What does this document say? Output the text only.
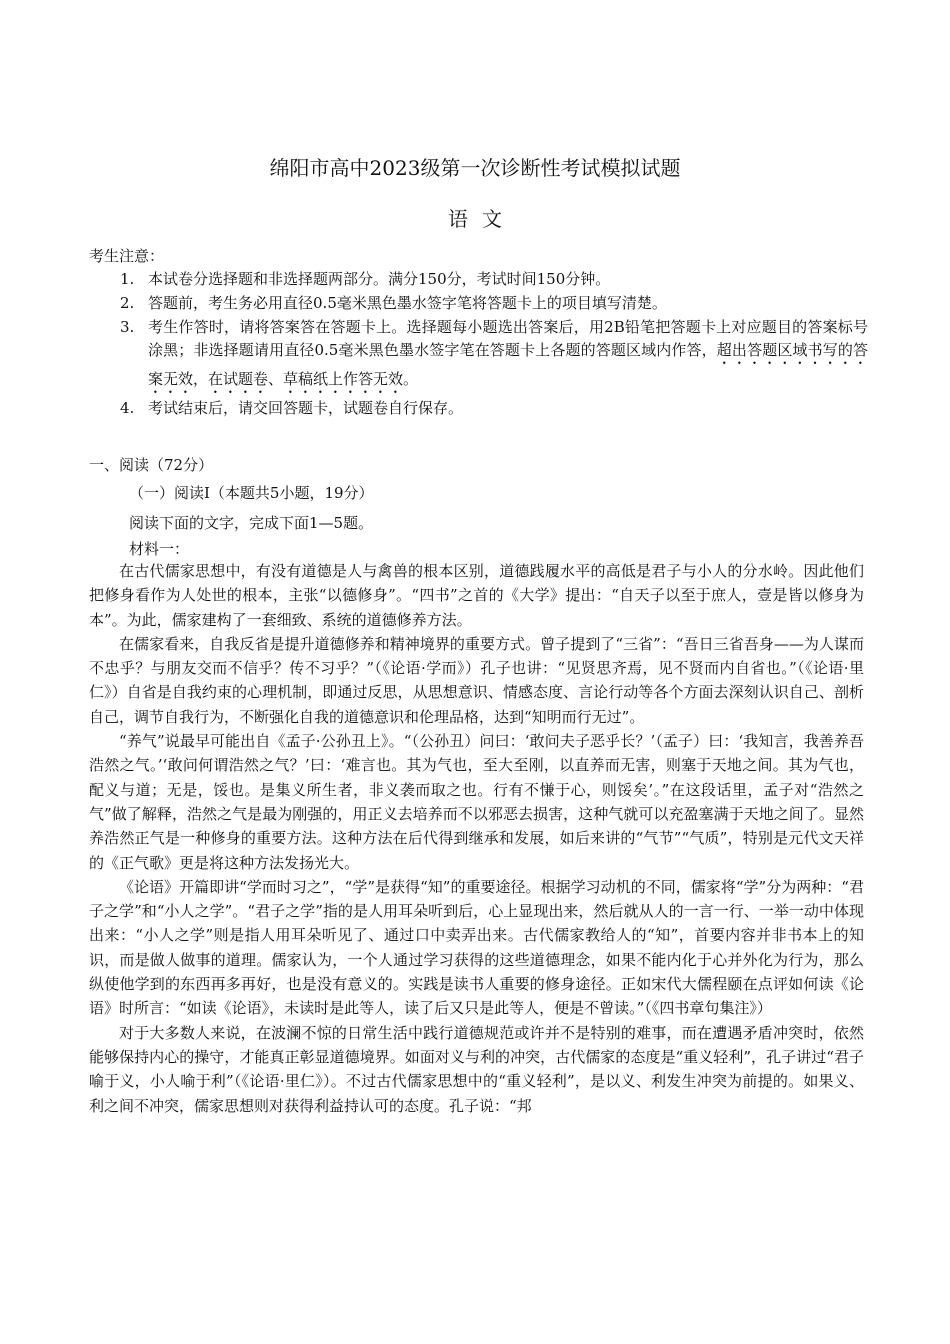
绵阳市高中2023级第一次诊断性考试模拟试题
语文
考生注意：
1. 本试卷分选择题和非选择题两部分。满分150分，考试时间150分钟。
2. 答题前，考生务必用直径0.5毫米黑色墨水签字笔将答题卡上的项目填写清楚。
3. 考生作答时，请将答案答在答题卡上。选择题每小题选出答案后，用2B铅笔把答题卡上对应题目的答案标号涂黑；非选择题请用直径0.5毫米黑色墨水签字笔在答题卡上各题的答题区域内作答，超出答题区域书写的答案无效，在试题卷、草稿纸上作答无效。
4. 考试结束后，请交回答题卡，试题卷自行保存。
一、阅读（72分）
（一）阅读Ⅰ（本题共5小题，19分）
阅读下面的文字，完成下面1—5题。
材料一：

在古代儒家思想中，有没有道德是人与禽兽的根本区别，道德践履水平的高低是君子与小人的分水岭。因此他们把修身看作为人处世的根本，主张“以德修身”。“四书”之首的《大学》提出：“自天子以至于庶人，壹是皆以修身为本”。为此，儒家建构了一套细致、系统的道德修养方法。

在儒家看来，自我反省是提升道德修养和精神境界的重要方式。曾子提到了“三省”：“吾日三省吾身——为人谋而不忠乎？与朋友交而不信乎？传不习乎？”（《论语·学而》）孔子也讲：“见贤思齐焉，见不贤而内自省也。”（《论语·里仁》）自省是自我约束的心理机制，即通过反思，从思想意识、情感态度、言论行动等各个方面去深刻认识自己、剖析自己，调节自我行为，不断强化自我的道德意识和伦理品格，达到“知明而行无过”。

“养气”说最早可能出自《孟子·公孙丑上》。“（公孙丑）问曰：‘敢问夫子恶乎长？’（孟子）曰：‘我知言，我善养吾浩然之气。’‘敢问何谓浩然之气？’曰：‘难言也。其为气也，至大至刚，以直养而无害，则塞于天地之间。其为气也，配义与道；无是，馁也。是集义所生者，非义袭而取之也。行有不慊于心，则馁矣’。”在这段话里，孟子对“浩然之气”做了解释，浩然之气是最为刚强的，用正义去培养而不以邪恶去损害，这种气就可以充盈塞满于天地之间了。显然养浩然正气是一种修身的重要方法。这种方法在后代得到继承和发展，如后来讲的“气节”“气质”，特别是元代文天祥的《正气歌》更是将这种方法发扬光大。

《论语》开篇即讲“学而时习之”，“学”是获得“知”的重要途径。根据学习动机的不同，儒家将“学”分为两种：“君子之学”和“小人之学”。“君子之学”指的是人用耳朵听到后，心上显现出来，然后就从人的一言一行、一举一动中体现出来：“小人之学”则是指人用耳朵听见了、通过口中卖弄出来。古代儒家教给人的“知”，首要内容并非书本上的知识，而是做人做事的道理。儒家认为，一个人通过学习获得的这些道德理念，如果不能内化于心并外化为行为，那么纵使他学到的东西再多再好，也是没有意义的。实践是读书人重要的修身途径。正如宋代大儒程颐在点评如何读《论语》时所言：“如读《论语》，未读时是此等人，读了后又只是此等人，便是不曾读。”（《四书章句集注》）

对于大多数人来说，在波澜不惊的日常生活中践行道德规范或许并不是特别的难事，而在遭遇矛盾冲突时，依然能够保持内心的操守，才能真正彰显道德境界。如面对义与利的冲突，古代儒家的态度是“重义轻利”，孔子讲过“君子喻于义，小人喻于利”（《论语·里仁》）。不过古代儒家思想中的“重义轻利”，是以义、利发生冲突为前提的。如果义、利之间不冲突，儒家思想则对获得利益持认可的态度。孔子说：“邦
